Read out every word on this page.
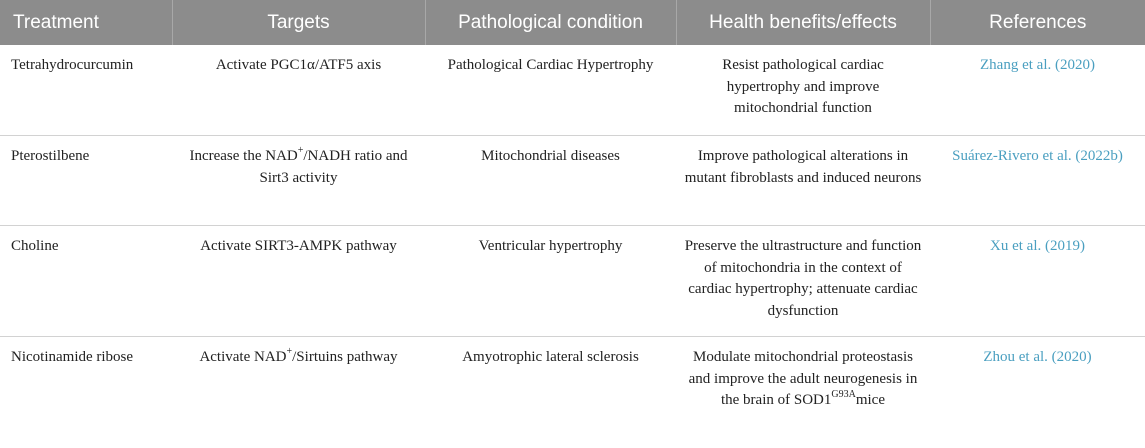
Treatment	Targets	Pathological condition	Health benefits/effects	References
Tetrahydrocurcumin	Activate PGC1α/ATF5 axis	Pathological Cardiac Hypertrophy	Resist pathological cardiac hypertrophy and improve mitochondrial function	Zhang et al. (2020)
Pterostilbene	Increase the NAD+/NADH ratio and Sirt3 activity	Mitochondrial diseases	Improve pathological alterations in mutant fibroblasts and induced neurons	Suárez-Rivero et al. (2022b)
Choline	Activate SIRT3-AMPK pathway	Ventricular hypertrophy	Preserve the ultrastructure and function of mitochondria in the context of cardiac hypertrophy; attenuate cardiac dysfunction	Xu et al. (2019)
Nicotinamide ribose	Activate NAD+/Sirtuins pathway	Amyotrophic lateral sclerosis	Modulate mitochondrial proteostasis and improve the adult neurogenesis in the brain of $SOD1^{G93A}mice$	Zhou et al. (2020)
